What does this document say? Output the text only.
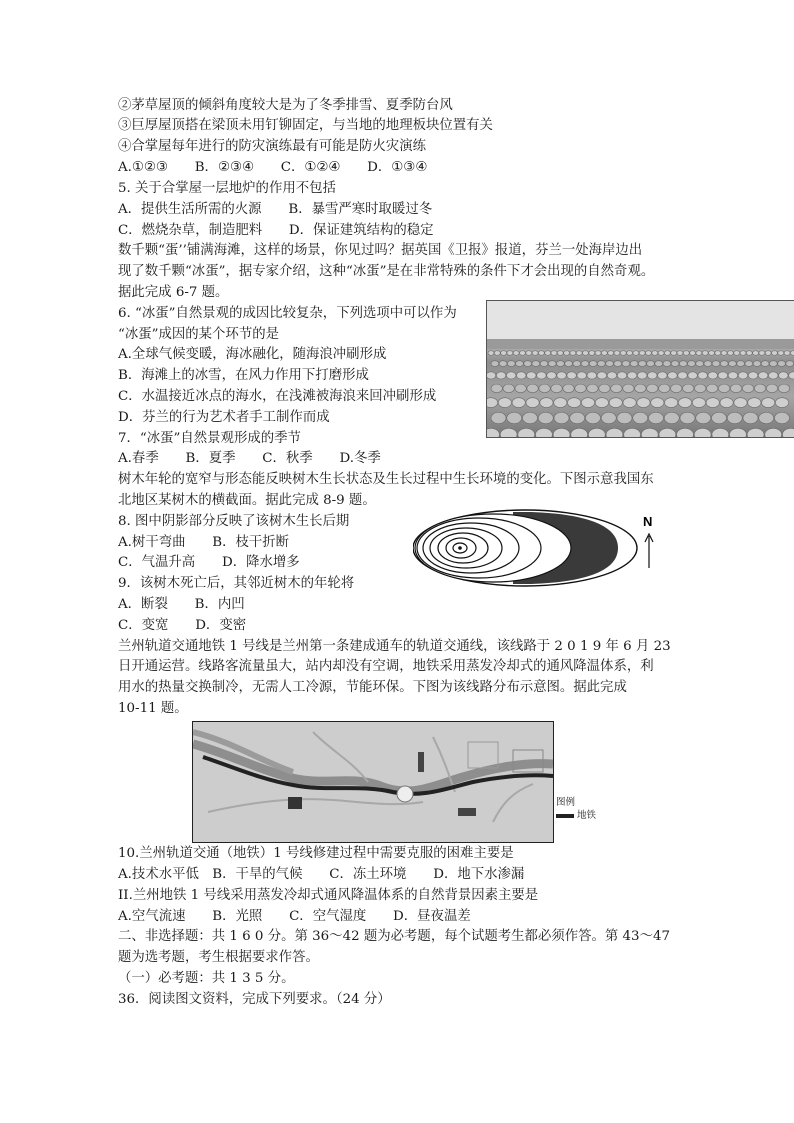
②茅草屋顶的倾斜角度较大是为了冬季排雪、夏季防台风
③巨厚屋顶搭在梁顶未用钉铆固定，与当地的地理板块位置有关
④合掌屋每年进行的防灾演练最有可能是防火灾演练
A.①②③　　B．②③④　　C．①②④　　D．①③④
5. 关于合掌屋一层地炉的作用不包括
A．提供生活所需的火源　　B．暴雪严寒时取暖过冬
C．燃烧杂草，制造肥料　　D．保证建筑结构的稳定
数千颗“蛋’’铺满海滩，这样的场景，你见过吗？据英国《卫报》报道，芬兰一处海岸边出
现了数千颗“冰蛋”，据专家介绍，这种“冰蛋”是在非常特殊的条件下才会出现的自然奇观。
据此完成 6-7 题。
6. “冰蛋”自然景观的成因比较复杂，下列选项中可以作为
“冰蛋”成因的某个环节的是
A.全球气候变暖，海冰融化，随海浪冲刷形成
B．海滩上的冰雪，在风力作用下打磨形成
C．水温接近冰点的海水，在浅滩被海浪来回冲刷形成
D．芬兰的行为艺术者手工制作而成
7．“冰蛋”自然景观形成的季节
A.春季　　B．夏季　　C．秋季　　D.冬季
树木年轮的宽窄与形态能反映树木生长状态及生长过程中生长环境的变化。下图示意我国东
北地区某树木的横截面。据此完成 8-9 题。
8. 图中阴影部分反映了该树木生长后期
A.树干弯曲　　B．枝干折断
C．气温升高　　D．降水增多
9．该树木死亡后，其邻近树木的年轮将
A．断裂　　B．内凹
C．变宽　　D．变密
兰州轨道交通地铁 1 号线是兰州第一条建成通车的轨道交通线，该线路于 2 0 1 9 年 6 月 23
日开通运营。线路客流量虽大，站内却没有空调，地铁采用蒸发冷却式的通风降温体系，利
用水的热量交换制冷，无需人工冷源，节能环保。下图为该线路分布示意图。据此完成
10-11 题。
10.兰州轨道交通（地铁）1 号线修建过程中需要克服的困难主要是
A.技术水平低　B．干旱的气候　　C．冻土环境　　D．地下水渗漏
II.兰州地铁 1 号线采用蒸发冷却式通风降温体系的自然背景因素主要是
A.空气流速　　B．光照　　C．空气湿度　　D．昼夜温差
二、非选择题：共 1 6 0 分。第 36～42 题为必考题，每个试题考生都必须作答。第 43～47
题为选考题，考生根据要求作答。
（一）必考题：共 1 3 5 分。
36．阅读图文资料，完成下列要求。（24 分）
N
图例
地铁
